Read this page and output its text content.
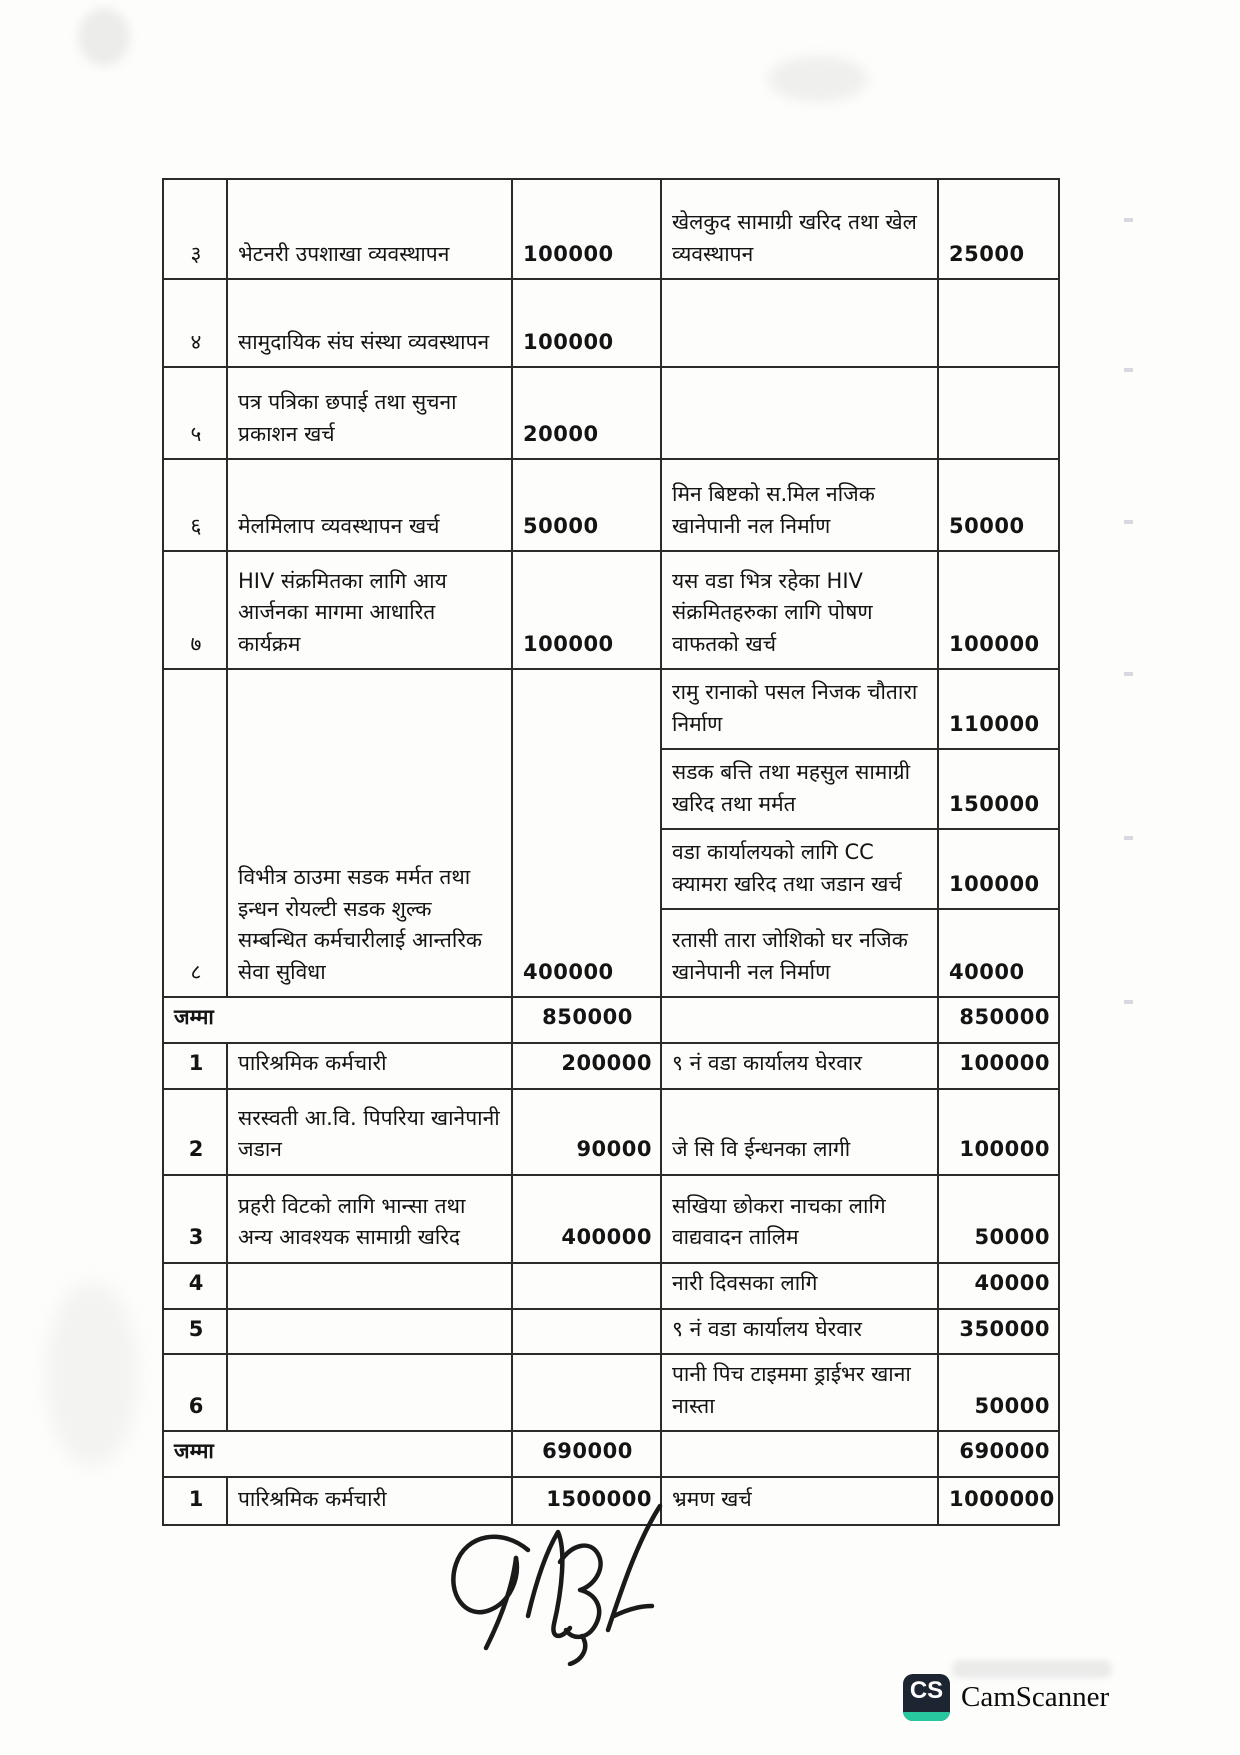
३	भेटनरी उपशाखा व्यवस्थापन	100000	खेलकुद सामाग्री खरिद तथा खेल व्यवस्थापन	25000
४	सामुदायिक संघ संस्था व्यवस्थापन	100000		
५	पत्र पत्रिका छपाई तथा सुचना प्रकाशन खर्च	20000		
६	मेलमिलाप व्यवस्थापन खर्च	50000	मिन बिष्टको स.मिल नजिक खानेपानी नल निर्माण	50000
७	HIV संक्रमितका लागि आय आर्जनका मागमा आधारित कार्यक्रम	100000	यस वडा भित्र रहेका HIV संक्रमितहरुका लागि पोषण वाफतको खर्च	100000
८	विभीत्र ठाउमा सडक मर्मत तथा इन्धन रोयल्टी सडक शुल्क सम्बन्धित कर्मचारीलाई आन्तरिक सेवा सुविधा	400000	रामु रानाको पसल निजक चौतारा निर्माण	110000
			सडक बत्ति तथा महसुल सामाग्री खरिद तथा मर्मत	150000
			वडा कार्यालयको लागि CC क्यामरा खरिद तथा जडान खर्च	100000
			रतासी तारा जोशिको घर नजिक खानेपानी नल निर्माण	40000
जम्मा		850000		850000
1	पारिश्रमिक कर्मचारी	200000	९ नं वडा कार्यालय घेरवार	100000
2	सरस्वती आ.वि. पिपरिया खानेपानी जडान	90000	जे सि वि ईन्धनका लागी	100000
3	प्रहरी विटको लागि भान्सा तथा अन्य आवश्यक सामाग्री खरिद	400000	सखिया छोकरा नाचका लागि वाद्यवादन तालिम	50000
4			नारी दिवसका लागि	40000
5			९ नं वडा कार्यालय घेरवार	350000
6			पानी पिच टाइममा ड्राईभर खाना नास्ता	50000
जम्मा		690000		690000
1	पारिश्रमिक कर्मचारी	1500000	भ्रमण खर्च	1000000
CS CamScanner
